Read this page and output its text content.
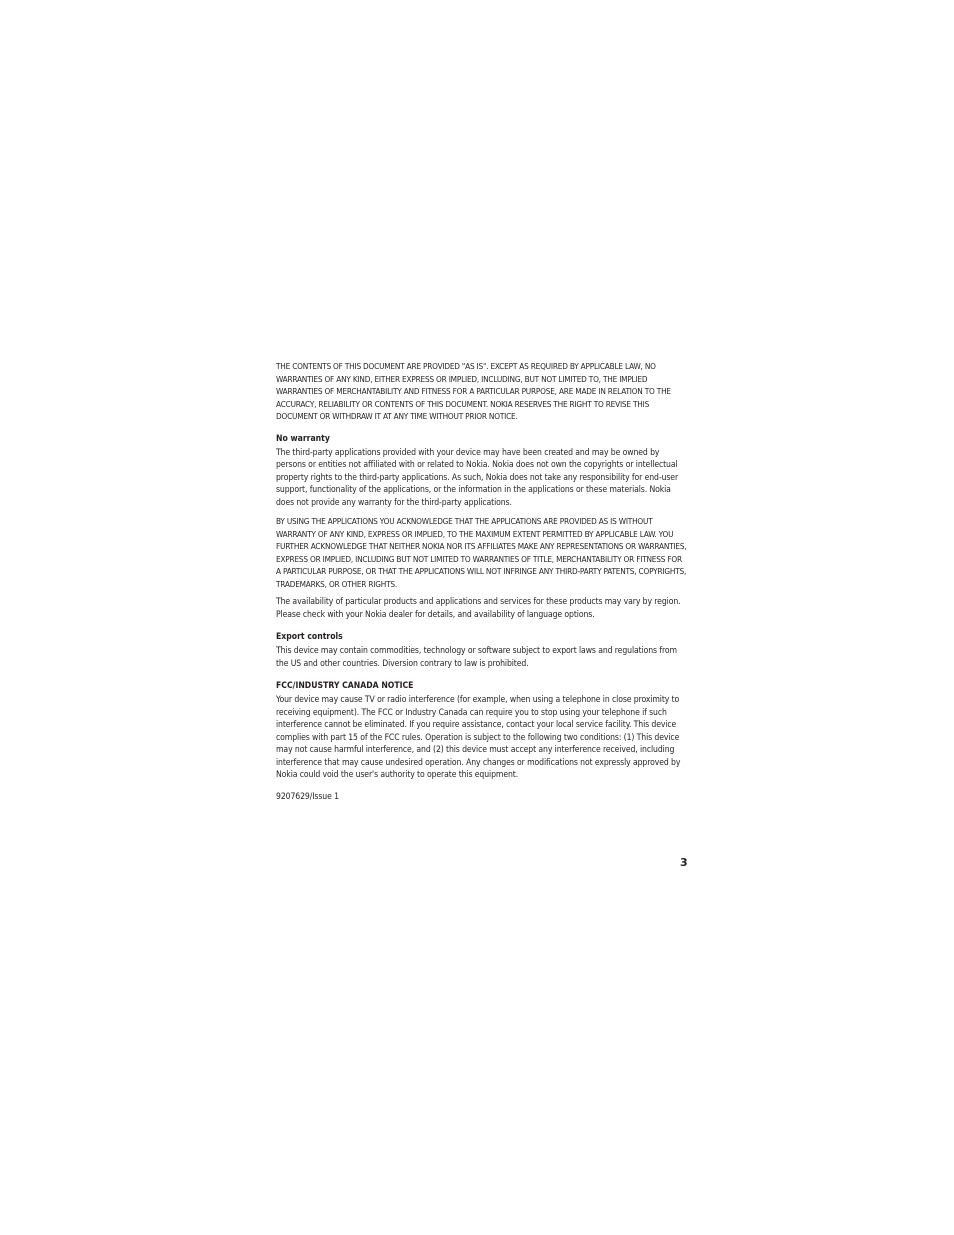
THE CONTENTS OF THIS DOCUMENT ARE PROVIDED "AS IS". EXCEPT AS REQUIRED BY APPLICABLE LAW, NO WARRANTIES OF ANY KIND, EITHER EXPRESS OR IMPLIED, INCLUDING, BUT NOT LIMITED TO, THE IMPLIED WARRANTIES OF MERCHANTABILITY AND FITNESS FOR A PARTICULAR PURPOSE, ARE MADE IN RELATION TO THE ACCURACY, RELIABILITY OR CONTENTS OF THIS DOCUMENT. NOKIA RESERVES THE RIGHT TO REVISE THIS DOCUMENT OR WITHDRAW IT AT ANY TIME WITHOUT PRIOR NOTICE.

No warranty

The third-party applications provided with your device may have been created and may be owned by persons or entities not affiliated with or related to Nokia. Nokia does not own the copyrights or intellectual property rights to the third-party applications. As such, Nokia does not take any responsibility for end-user support, functionality of the applications, or the information in the applications or these materials. Nokia does not provide any warranty for the third-party applications.

BY USING THE APPLICATIONS YOU ACKNOWLEDGE THAT THE APPLICATIONS ARE PROVIDED AS IS WITHOUT WARRANTY OF ANY KIND, EXPRESS OR IMPLIED, TO THE MAXIMUM EXTENT PERMITTED BY APPLICABLE LAW. YOU FURTHER ACKNOWLEDGE THAT NEITHER NOKIA NOR ITS AFFILIATES MAKE ANY REPRESENTATIONS OR WARRANTIES, EXPRESS OR IMPLIED, INCLUDING BUT NOT LIMITED TO WARRANTIES OF TITLE, MERCHANTABILITY OR FITNESS FOR A PARTICULAR PURPOSE, OR THAT THE APPLICATIONS WILL NOT INFRINGE ANY THIRD-PARTY PATENTS, COPYRIGHTS, TRADEMARKS, OR OTHER RIGHTS.

The availability of particular products and applications and services for these products may vary by region. Please check with your Nokia dealer for details, and availability of language options.

Export controls

This device may contain commodities, technology or software subject to export laws and regulations from the US and other countries. Diversion contrary to law is prohibited.

FCC/INDUSTRY CANADA NOTICE

Your device may cause TV or radio interference (for example, when using a telephone in close proximity to receiving equipment). The FCC or Industry Canada can require you to stop using your telephone if such interference cannot be eliminated. If you require assistance, contact your local service facility. This device complies with part 15 of the FCC rules. Operation is subject to the following two conditions: (1) This device may not cause harmful interference, and (2) this device must accept any interference received, including interference that may cause undesired operation. Any changes or modifications not expressly approved by Nokia could void the user's authority to operate this equipment.

9207629/Issue 1

3
